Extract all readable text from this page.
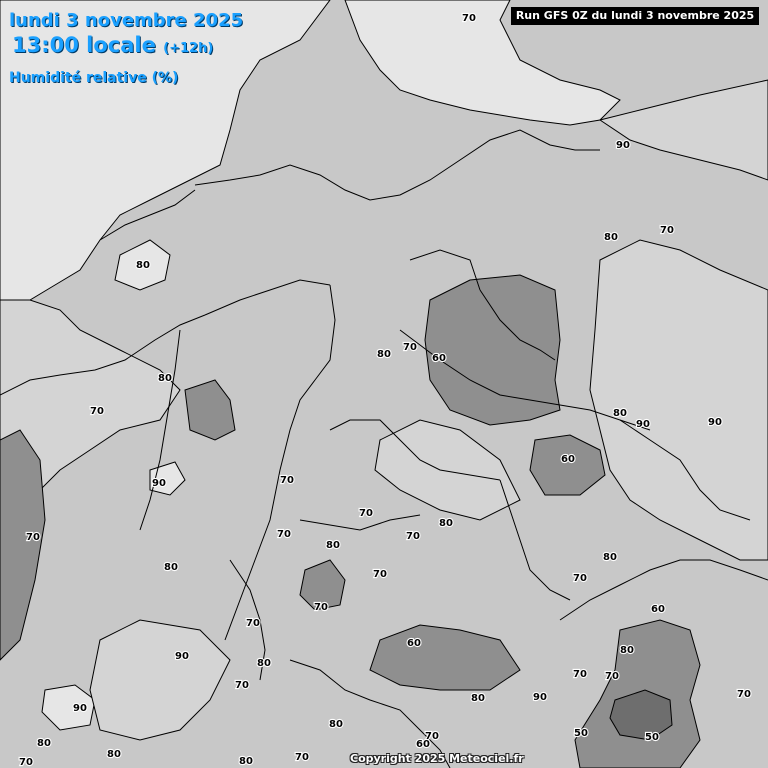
70
90
80
70
80
80
70
60
80
70	80
90	90
70
70
60
90
70
70
80
70
80
80
80
70	70
70	60
80
70
70
60
90
80
90
70
70
80
50	50
70
80
70
60
90
80
80
70	80	70
lundi 3 novembre 2025
13:00 locale (+12h)
Humidité relative (%)
Run GFS 0Z du lundi 3 novembre 2025
Copyright 2025 Meteociel.fr
